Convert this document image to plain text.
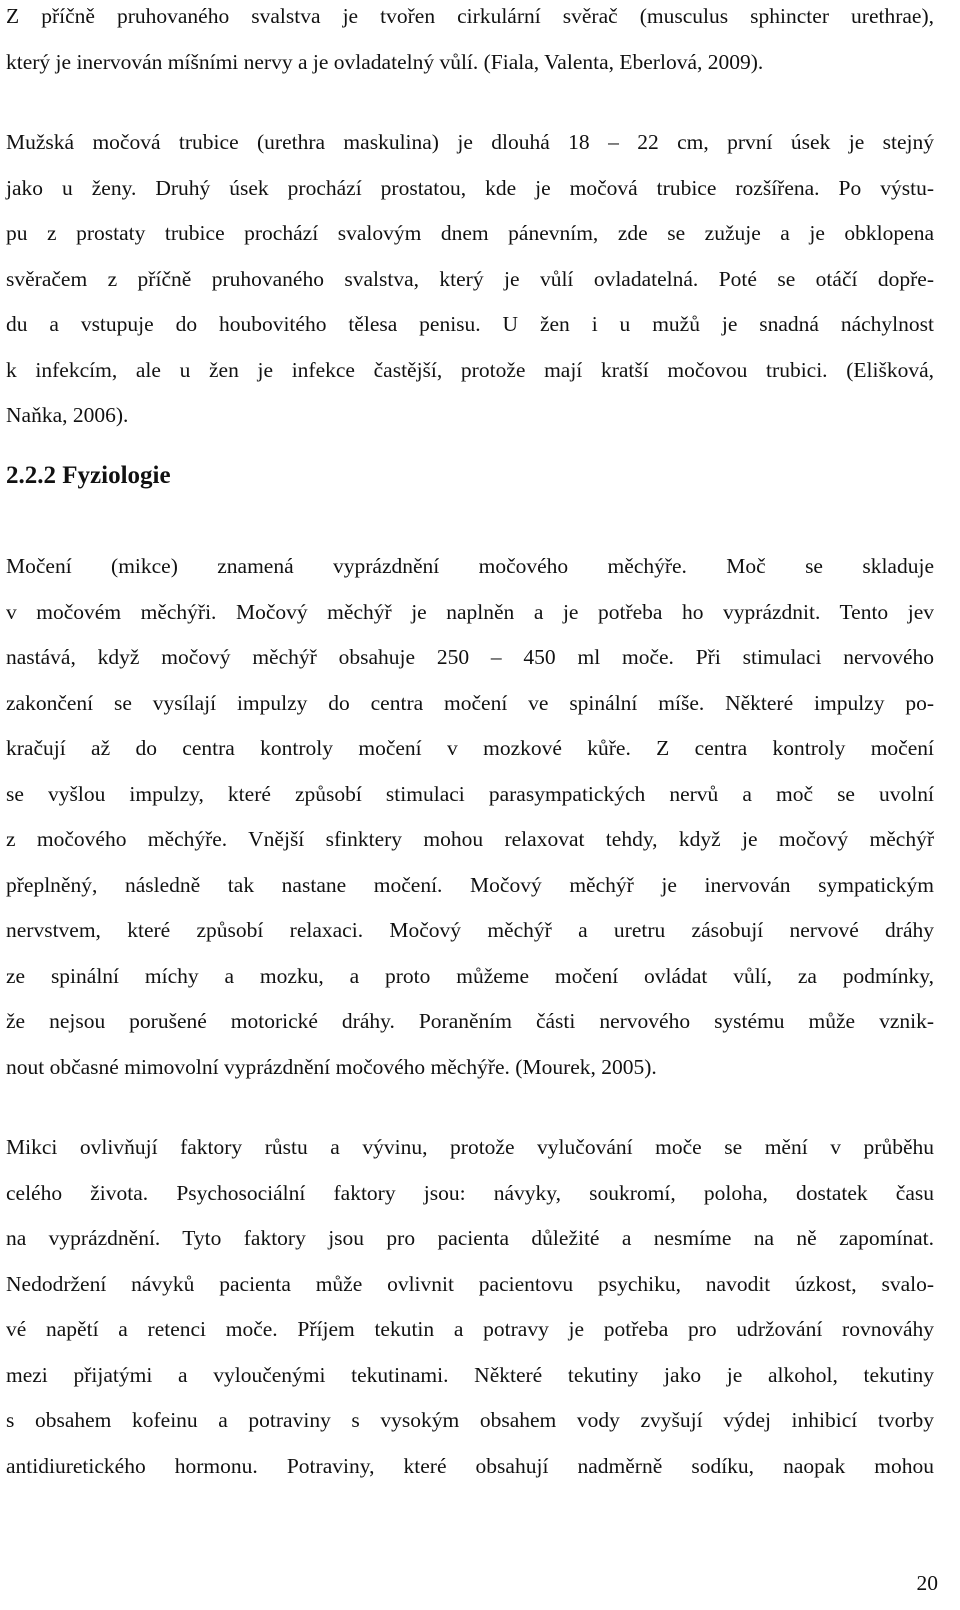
Z příčně pruhovaného svalstva je tvořen cirkulární svěrač (musculus sphincter urethrae),
který je inervován míšními nervy a je ovladatelný vůlí. (Fiala, Valenta, Eberlová, 2009).
Mužská močová trubice (urethra maskulina) je dlouhá 18 – 22 cm, první úsek je stejný
jako u ženy. Druhý úsek prochází prostatou, kde je močová trubice rozšířena. Po výstu-
pu z prostaty trubice prochází svalovým dnem pánevním, zde se zužuje a je obklopena
svěračem z příčně pruhovaného svalstva, který je vůlí ovladatelná. Poté se otáčí dopře-
du a vstupuje do houbovitého tělesa penisu. U žen i u mužů je snadná náchylnost
k infekcím, ale u žen je infekce častější, protože mají kratší močovou trubici. (Elišková,
Naňka, 2006).
2.2.2 Fyziologie
Močení (mikce) znamená vyprázdnění močového měchýře. Moč se skladuje
v močovém měchýři. Močový měchýř je naplněn a je potřeba ho vyprázdnit. Tento jev
nastává, když močový měchýř obsahuje 250 – 450 ml moče. Při stimulaci nervového
zakončení se vysílají impulzy do centra močení ve spinální míše. Některé impulzy po-
kračují až do centra kontroly močení v mozkové kůře. Z centra kontroly močení
se vyšlou impulzy, které způsobí stimulaci parasympatických nervů a moč se uvolní
z močového měchýře. Vnější sfinktery mohou relaxovat tehdy, když je močový měchýř
přeplněný, následně tak nastane močení. Močový měchýř je inervován sympatickým
nervstvem, které způsobí relaxaci. Močový měchýř a uretru zásobují nervové dráhy
ze spinální míchy a mozku, a proto můžeme močení ovládat vůlí, za podmínky,
že nejsou porušené motorické dráhy. Poraněním části nervového systému může vznik-
nout občasné mimovolní vyprázdnění močového měchýře. (Mourek, 2005).
Mikci ovlivňují faktory růstu a vývinu, protože vylučování moče se mění v průběhu
celého života. Psychosociální faktory jsou: návyky, soukromí, poloha, dostatek času
na vyprázdnění. Tyto faktory jsou pro pacienta důležité a nesmíme na ně zapomínat.
Nedodržení návyků pacienta může ovlivnit pacientovu psychiku, navodit úzkost, svalo-
vé napětí a retenci moče. Příjem tekutin a potravy je potřeba pro udržování rovnováhy
mezi přijatými a vyloučenými tekutinami. Některé tekutiny jako je alkohol, tekutiny
s obsahem kofeinu a potraviny s vysokým obsahem vody zvyšují výdej inhibicí tvorby
antidiuretického hormonu. Potraviny, které obsahují nadměrně sodíku, naopak mohou
20
